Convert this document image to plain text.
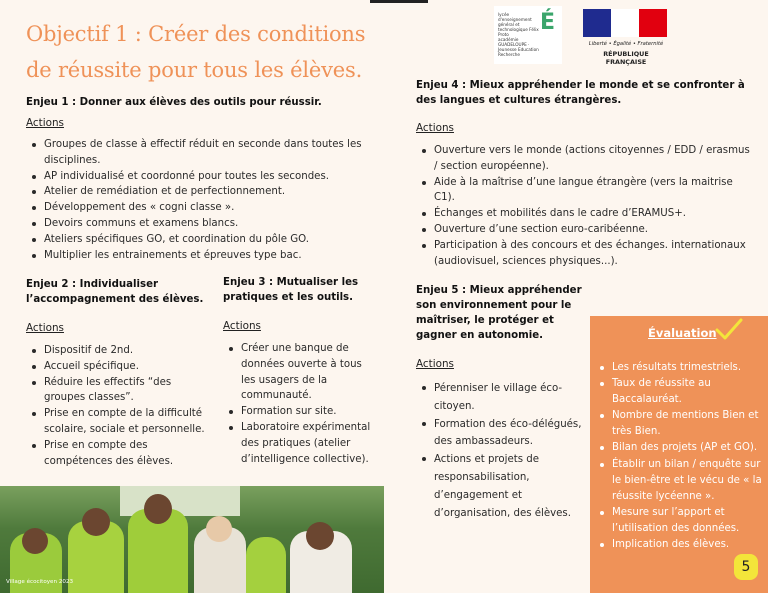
Objectif 1 : Créer des conditions
de réussite pour tous les élèves.
lycée d'enseignement général et technologique Félix Proto
académie GUADELOUPE · Jeunesse Education Recherche
É
Liberté • Égalité • Fraternité
RÉPUBLIQUE FRANÇAISE
Enjeu 1 : Donner aux élèves des outils pour réussir.
Actions
Groupes de classe à effectif réduit en seconde dans toutes les disciplines.
AP individualisé et coordonné pour toutes les secondes.
Atelier de remédiation et de perfectionnement.
Développement des « cogni classe ».
Devoirs communs et examens blancs.
Ateliers spécifiques GO, et coordination du pôle GO.
Multiplier les entrainements et épreuves type bac.
Enjeu 2 : Individualiser l’accompagnement des élèves.
Actions
Dispositif de 2nd.
Accueil spécifique.
Réduire les effectifs “des groupes classes”.
Prise en compte de la difficulté scolaire, sociale et personnelle.
Prise en compte des compétences des élèves.
Enjeu 3 : Mutualiser les pratiques et les outils.
Actions
Créer une banque de données ouverte à tous les usagers de la communauté.
Formation sur site.
Laboratoire expérimental des pratiques (atelier d’intelligence collective).
Enjeu 4 : Mieux appréhender le monde et se confronter à des langues et cultures étrangères.
Actions
Ouverture vers le monde (actions citoyennes / EDD / erasmus / section européenne).
Aide à la maîtrise d’une langue étrangère (vers la maitrise C1).
Échanges et mobilités dans le cadre d’ERAMUS+.
Ouverture d’une section euro-caribéenne.
Participation à des concours et des échanges. internationaux (audiovisuel, sciences physiques...).
Enjeu 5 : Mieux appréhender son environnement pour le maîtriser, le protéger et gagner en autonomie.
Actions
Pérenniser le village éco-citoyen.
Formation des éco-délégués, des ambassadeurs.
Actions et projets de responsabilisation, d’engagement et d’organisation, des élèves.
Évaluation
Les résultats trimestriels.
Taux de réussite au Baccalauréat.
Nombre de mentions Bien et très Bien.
Bilan des projets (AP et GO).
Établir un bilan / enquête sur le bien-être et le vécu de « la réussite lycéenne ».
Mesure sur l’apport et l’utilisation des données.
Implication des élèves.
5
Village écocitoyen 2023
